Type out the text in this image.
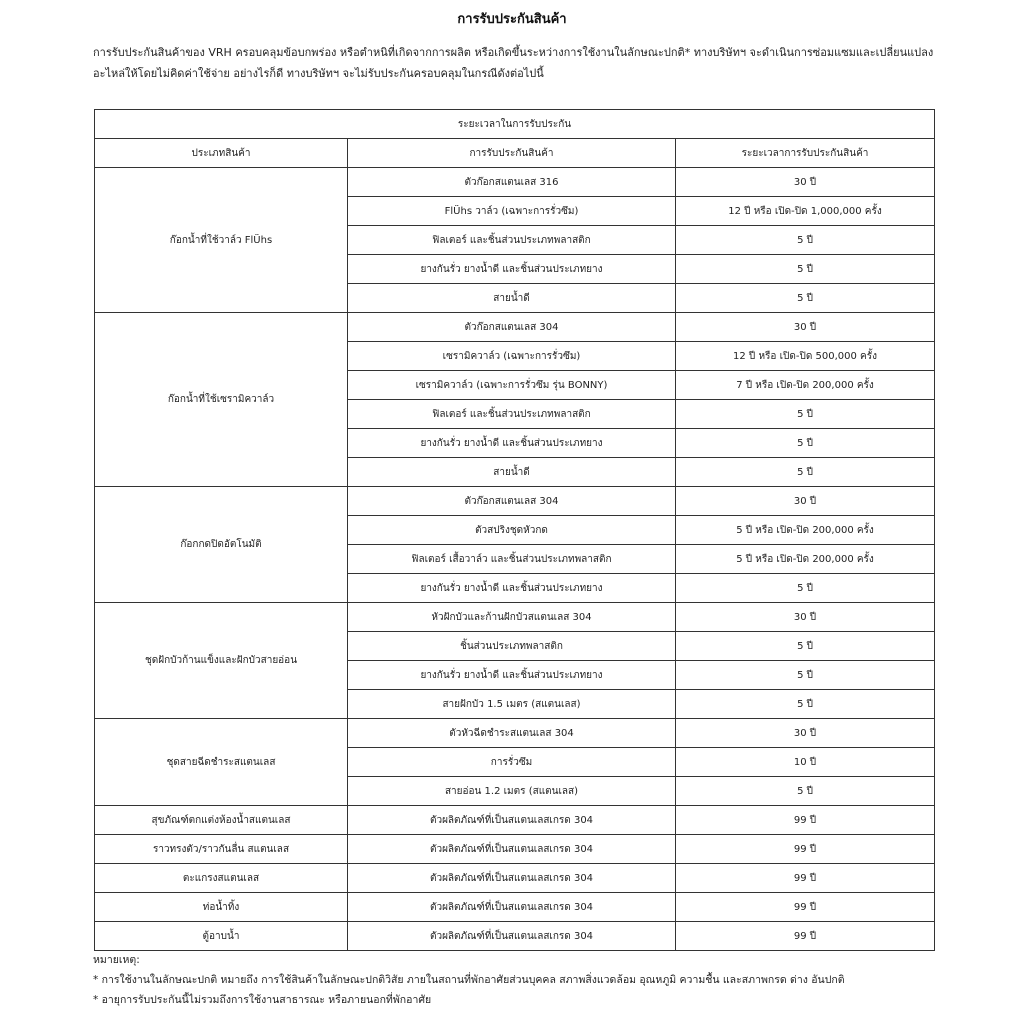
การรับประกันสินค้า
การรับประกันสินค้าของ VRH ครอบคลุมข้อบกพร่อง หรือตำหนิที่เกิดจากการผลิต หรือเกิดขึ้นระหว่างการใช้งานในลักษณะปกติ* ทางบริษัทฯ จะดำเนินการซ่อมแซมและเปลี่ยนแปลงอะไหล่ให้โดยไม่คิดค่าใช้จ่าย อย่างไรก็ดี ทางบริษัทฯ จะไม่รับประกันครอบคลุมในกรณีดังต่อไปนี้
ระยะเวลาในการรับประกัน		
ประเภทสินค้า	การรับประกันสินค้า	ระยะเวลาการรับประกันสินค้า
ก๊อกน้ำที่ใช้วาล์ว FlÜhs	ตัวก๊อกสแตนเลส 316	30 ปี
	FlÜhs วาล์ว (เฉพาะการรั่วซึม)	12 ปี หรือ เปิด-ปิด 1,000,000 ครั้ง
	ฟิลเตอร์ และชิ้นส่วนประเภทพลาสติก	5 ปี
	ยางกันรั่ว ยางน้ำดี และชิ้นส่วนประเภทยาง	5 ปี
	สายน้ำดี	5 ปี
ก๊อกน้ำที่ใช้เซรามิควาล์ว	ตัวก๊อกสแตนเลส 304	30 ปี
	เซรามิควาล์ว (เฉพาะการรั่วซึม)	12 ปี หรือ เปิด-ปิด 500,000 ครั้ง
	เซรามิควาล์ว (เฉพาะการรั่วซึม รุ่น BONNY)	7 ปี หรือ เปิด-ปิด 200,000 ครั้ง
	ฟิลเตอร์ และชิ้นส่วนประเภทพลาสติก	5 ปี
	ยางกันรั่ว ยางน้ำดี และชิ้นส่วนประเภทยาง	5 ปี
	สายน้ำดี	5 ปี
ก๊อกกดปิดอัตโนมัติ	ตัวก๊อกสแตนเลส 304	30 ปี
	ตัวสปริงชุดหัวกด	5 ปี หรือ เปิด-ปิด 200,000 ครั้ง
	ฟิลเตอร์ เสื้อวาล์ว และชิ้นส่วนประเภทพลาสติก	5 ปี หรือ เปิด-ปิด 200,000 ครั้ง
	ยางกันรั่ว ยางน้ำดี และชิ้นส่วนประเภทยาง	5 ปี
ชุดฝักบัวก้านแข็งและฝักบัวสายอ่อน	หัวฝักบัวและก้านฝักบัวสแตนเลส 304	30 ปี
	ชิ้นส่วนประเภทพลาสติก	5 ปี
	ยางกันรั่ว ยางน้ำดี และชิ้นส่วนประเภทยาง	5 ปี
	สายฝักบัว 1.5 เมตร (สแตนเลส)	5 ปี
ชุดสายฉีดชำระสแตนเลส	ตัวหัวฉีดชำระสแตนเลส 304	30 ปี
	การรั่วซึม	10 ปี
	สายอ่อน 1.2 เมตร (สแตนเลส)	5 ปี
สุขภัณฑ์ตกแต่งห้องน้ำสแตนเลส	ตัวผลิตภัณฑ์ที่เป็นสแตนเลสเกรด 304	99 ปี
ราวทรงตัว/ราวกันลื่น สแตนเลส	ตัวผลิตภัณฑ์ที่เป็นสแตนเลสเกรด 304	99 ปี
ตะแกรงสแตนเลส	ตัวผลิตภัณฑ์ที่เป็นสแตนเลสเกรด 304	99 ปี
ท่อน้ำทิ้ง	ตัวผลิตภัณฑ์ที่เป็นสแตนเลสเกรด 304	99 ปี
ตู้อาบน้ำ	ตัวผลิตภัณฑ์ที่เป็นสแตนเลสเกรด 304	99 ปี
หมายเหตุ:
* การใช้งานในลักษณะปกติ หมายถึง การใช้สินค้าในลักษณะปกติวิสัย ภายในสถานที่พักอาศัยส่วนบุคคล สภาพสิ่งแวดล้อม อุณหภูมิ ความชื้น และสภาพกรด ด่าง อันปกติ
* อายุการรับประกันนี้ไม่รวมถึงการใช้งานสาธารณะ หรือภายนอกที่พักอาศัย
